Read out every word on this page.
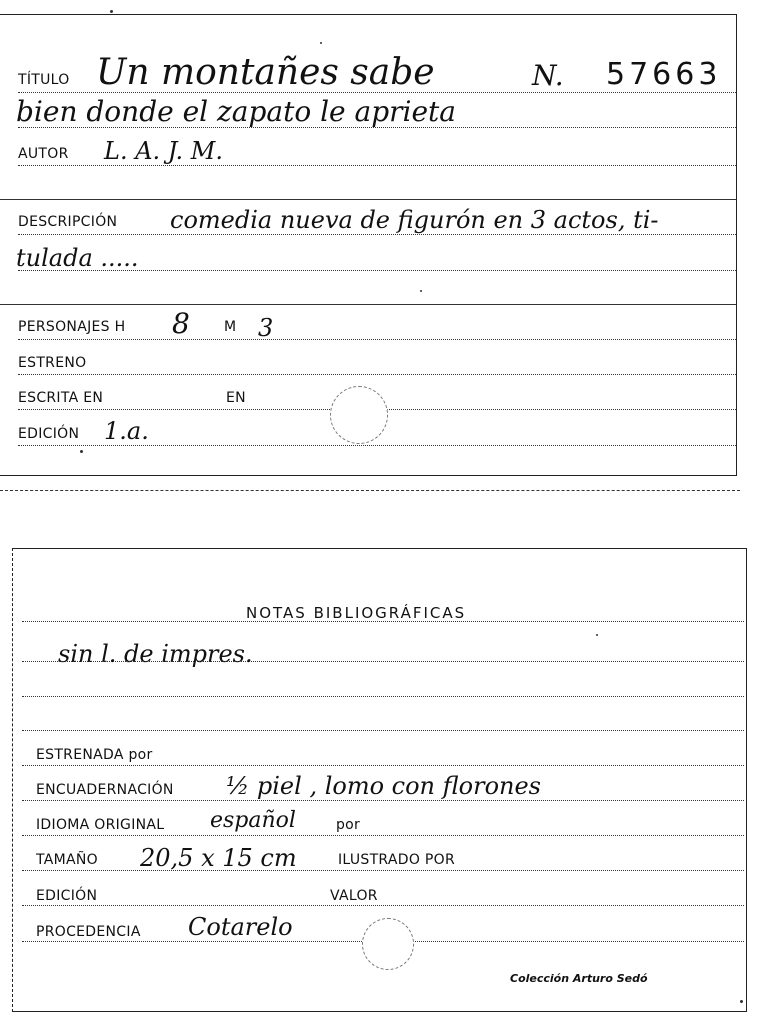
TÍTULO Un montañes sabe	N. 57663
bien donde el zapato le aprieta
AUTOR L. A. J. M.
DESCRIPCIÓN comedia nueva de figurón en 3 actos, ti-
tulada .....
PERSONAJES H 8 M 3
ESTRENO
ESCRITA EN	EN
EDICIÓN 1.a.
NOTAS BIBLIOGRÁFICAS
sin l. de impres.
ESTRENADA por
ENCUADERNACIÓN ½ piel , lomo con florones
IDIOMA ORIGINAL español	por
TAMAÑO 20,5 x 15 cm	ILUSTRADO POR
EDICIÓN	VALOR
PROCEDENCIA Cotarelo
Colección Arturo Sedó
